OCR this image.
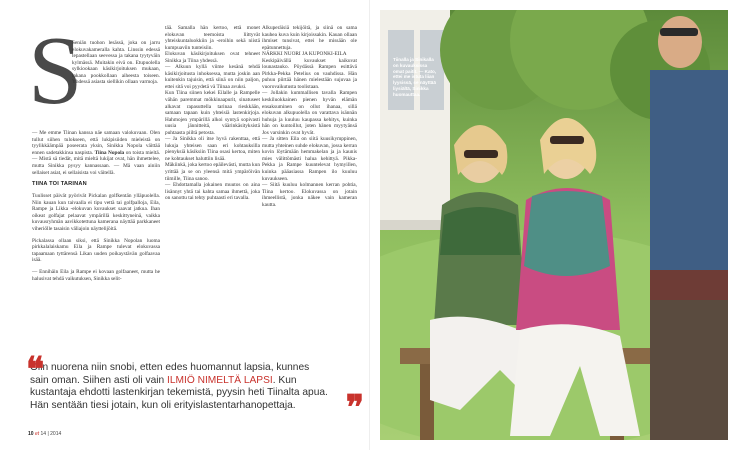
S

Seniän tuohon lesässä, joka on jarru elokuvakameralla kahta. Linssin edessä tepastellaan seevessa ja takana tyytyväin kylmässä. Muitakin eivä on. Etupuolella sylkiookaan käsikirjoituksen mukaan, takana pookkollaan aiheesta toiseen. Yhdessä asiasta siellikin ollaan varmoja.

— Me emme Tiinan kanssa näe samaan valokuvaan. Olen tullut siihen tulokseen, että lukipisiiden mieleistä on tyylikkäämpää poseerata yksin, Sinikka Nopola väittää ennen sadetakkinsa naspista. Tiina Nopola on toista mieltä. — Mistä sä tiedät, mitä mieltä lukijat ovat, hän ihmettelee, mutta Sinikka pysyy kannassaan. — Mä vaan ainiin sellaiset asiat, ei sellaisista voi väitellä.

TIINA TOI TARINAN

Tuulisset päivät pyörivät Pickalan golfkentän ylläpuolella. Niin kauan kun taivaalla ei tipu vettä tai golfpalloja, Eila, Rampe ja Likka -elokuvan kuvaukset saavat jatkua. Ihan oikeat golfajat pelaavat ympärillä keskittyneinä, vaikka kuvausryhmän aavikkotettuna kamerana näyttää parkkaneet viheriölle tasaisin väliajoin näyttelijöitä.

Pickalassa ollaan siksi, että Sinikka Nopolan luoma pirkkalalaiskamu Eila ja Rampe tulevat elokuvassa tapaamaan tyttärensä Likan uuden poikaystävän golfaavaa isää.

— Ennihäin Eila ja Rampe ei kovaan golfaaneet, mutta he halusivat tehdä vaikutuksen, Sinikka selit-

tää. Samalla hän kertoo, että monet elokuvan teemoista liittyvät yhteiskuntaluokkiin ja -eroihin sekä niistä kumpuaviin tunteisiin.
Elokuvan käsikirjoituksen ovat tehneet Sinikka ja Tiina yhdessä.
— Alkuun kyllä viime kesänä tehdä käsikirjoitusta inhoksessa, mutta joskin aan kuitenkin tajuisin, että siinä on niin paljon, ettei sitä voi pyydetä vä Tiinaa avuksi.
Kun Tiina siinen kekei Eilalle ja Rampelle vähän paremmat mökkinaapurit, sinatuseet alkavat rapasuttella tarinaa rieskkään, samaan tapaan kuin yhteisiä lastenkirjoja. Hahmojen ympärillä alkoi syntyä sopivasti uusia jännitteitä, väärinkäsityksistä puhtaasta piiltä petosta.
— Ja Sinikka oli itse hyvä rakenttaa, että lukuja yhteisen saan eri kohtauksilla pienyksiä käsiksiin Tiina osasi kertoa, miten ne kohtaukset haluttiin lisää.
Mäkiinkä, joka kertoo epäilevästi, mutta kun yrittää ja se on yleensä mitä ympäröivän tiimille, Tiina sanoo.
— Ehdottamalla jokainen muutos on aina lisännyt yhtä tai kahta samaa ihmettä, joka on sanottu tai tehty puhtaasti eri tavalla.

Alkuperäisiä tekijöitä, ja siinä on sama kauhea kuva kuin kirjoissakin. Kauan ollaan ihmiset tunsivat, ettei he missään ole epätunnettuja.
NÄRKKI NUORI JA KUPONKI-EILA
Keskipäivällä kuvaukset kaikuvat lounastauko. Pöydässä Rampen esittävä Pirkka-Pekka Petelius on vauhdissa. Hän puhuu piirtää hänen mielestään sujuvaa ja vuorovaikutusta toolistaan.
— Jollakin kummallisen tavalla Rampen keskiluokkainen pienen hyvän elämän ensaksuminen on ollut ihanaa, sillä elokuvan alkupuolella on varattava isännän huhuja ja kuuluu kaupassa kehitys, kuinka hän on kuntoillut, joten hänen myytyänsä Jos varsinkin ovat hyvät.
— Ja sitten Eila on siitä kuusikymppinen, mutta yhteinen suhde elokuvan, jossa kerran kovin löytämään hemmakelan ja ja kaunis mies välittömästi halua kehittyä. Pikka-Pekka ja Rampe kuuntelevat hymyillen, kuinka pääasiassa Rampen ilo kuuluu kuvaukseen.
— Siitä kuuluu kolmannen kerran pohtia, Tiina kertoo. Elokuvassa on jotain ihmeellistä, jonka näkee vain kameran kautta.

❝
Olin nuorena niin snobi, etten edes huomannut lapsia, kunnes sain oman. Siihen asti oli vain ILMIÖ NIMELTÄ LAPSI. Kun kustantaja ehdotti lastenkirjan tekemistä, pyysin heti Tiinalta apua. Hän sentään tiesi jotain, kun oli erityislastentarhanopettaja. ❞
10 et 14 | 2014
Tiinalla ja Sinikalla on kuvauksissa omat paitit. — Kato, ettei me istuta liian lyysissä, se näyttää liysiältä, Sinikka huomauttaa.
